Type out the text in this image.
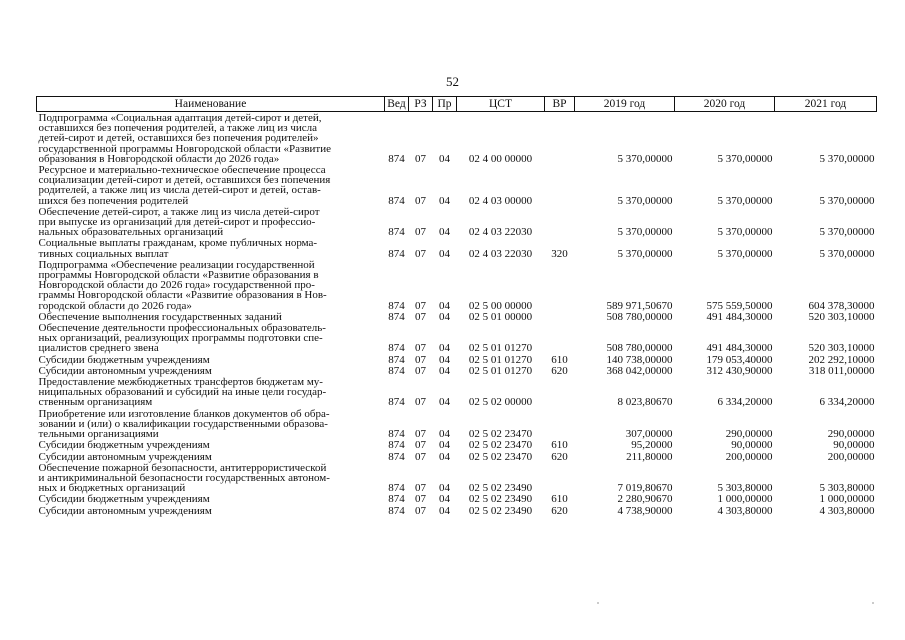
52
Наименование	Вед	РЗ	Пр	ЦСТ	ВР	2019 год	2020 год	2021 год

Подпрограмма «Социальная адаптация детей-сирот и детей,
оставшихся без попечения родителей, а также лиц из числа
детей-сирот и детей, оставшихся без попечения родителей»
государственной программы Новгородской области «Развитие
образования в Новгородской области до 2026 года»	874	07	04	02 4 00 00000		5 370,00000	5 370,00000	5 370,00000

Ресурсное и материально-техническое обеспечение процесса
социализации детей-сирот и детей, оставшихся без попечения
родителей, а также лиц из числа детей-сирот и детей, остав-
шихся без попечения родителей	874	07	04	02 4 03 00000		5 370,00000	5 370,00000	5 370,00000

Обеспечение детей-сирот, а также лиц из числа детей-сирот
при выпуске из организаций для детей-сирот и профессио-
нальных образовательных организаций	874	07	04	02 4 03 22030		5 370,00000	5 370,00000	5 370,00000

Социальные выплаты гражданам, кроме публичных норма-
тивных социальных выплат	874	07	04	02 4 03 22030	320	5 370,00000	5 370,00000	5 370,00000

Подпрограмма «Обеспечение реализации государственной
программы Новгородской области «Развитие образования в
Новгородской области до 2026 года» государственной про-
граммы Новгородской области «Развитие образования в Нов-
городской области до 2026 года»	874	07	04	02 5 00 00000		589 971,50670	575 559,50000	604 378,30000

Обеспечение выполнения государственных заданий	874	07	04	02 5 01 00000		508 780,00000	491 484,30000	520 303,10000

Обеспечение деятельности профессиональных образователь-
ных организаций, реализующих программы подготовки спе-
циалистов среднего звена	874	07	04	02 5 01 01270		508 780,00000	491 484,30000	520 303,10000

Субсидии бюджетным учреждениям	874	07	04	02 5 01 01270	610	140 738,00000	179 053,40000	202 292,10000

Субсидии автономным учреждениям	874	07	04	02 5 01 01270	620	368 042,00000	312 430,90000	318 011,00000

Предоставление межбюджетных трансфертов бюджетам му-
ниципальных образований и субсидий на иные цели государ-
ственным организациям	874	07	04	02 5 02 00000		8 023,80670	6 334,20000	6 334,20000

Приобретение или изготовление бланков документов об обра-
зовании и (или) о квалификации государственными образова-
тельными организациями	874	07	04	02 5 02 23470		307,00000	290,00000	290,00000

Субсидии бюджетным учреждениям	874	07	04	02 5 02 23470	610	95,20000	90,00000	90,00000

Субсидии автономным учреждениям	874	07	04	02 5 02 23470	620	211,80000	200,00000	200,00000

Обеспечение пожарной безопасности, антитеррористической
и антикриминальной безопасности государственных автоном-
ных и бюджетных организаций	874	07	04	02 5 02 23490		7 019,80670	5 303,80000	5 303,80000

Субсидии бюджетным учреждениям	874	07	04	02 5 02 23490	610	2 280,90670	1 000,00000	1 000,00000

Субсидии автономным учреждениям	874	07	04	02 5 02 23490	620	4 738,90000	4 303,80000	4 303,80000
